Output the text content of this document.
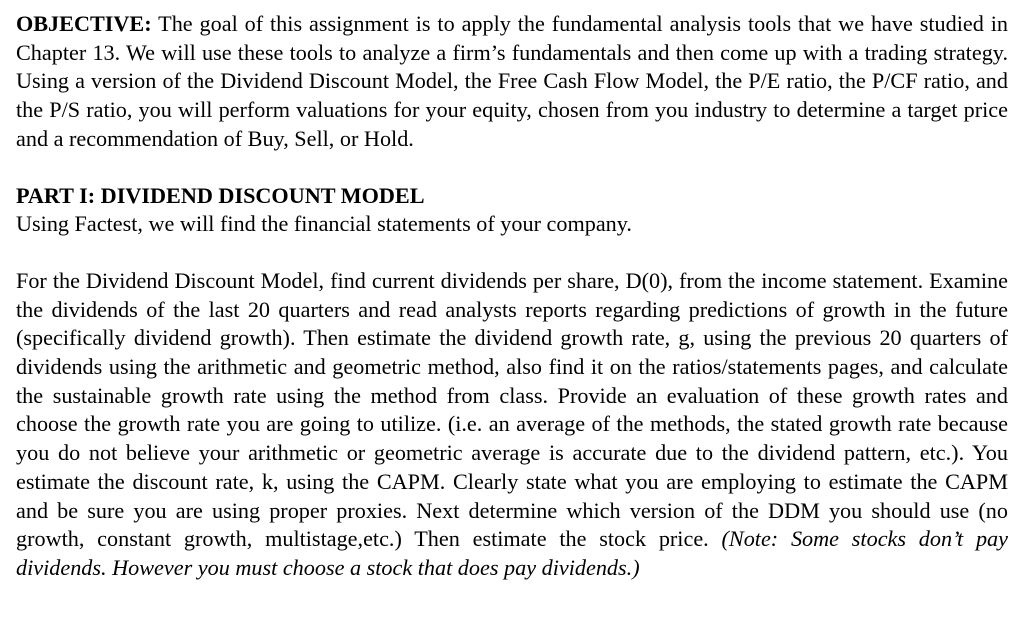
OBJECTIVE: The goal of this assignment is to apply the fundamental analysis tools that we have studied in Chapter 13. We will use these tools to analyze a firm’s fundamentals and then come up with a trading strategy. Using a version of the Dividend Discount Model, the Free Cash Flow Model, the P/E ratio, the P/CF ratio, and the P/S ratio, you will perform valuations for your equity, chosen from you industry to determine a target price and a recommendation of Buy, Sell, or Hold.

PART I: DIVIDEND DISCOUNT MODEL

Using Factest, we will find the financial statements of your company.

For the Dividend Discount Model, find current dividends per share, D(0), from the income statement. Examine the dividends of the last 20 quarters and read analysts reports regarding predictions of growth in the future (specifically dividend growth). Then estimate the dividend growth rate, g, using the previous 20 quarters of dividends using the arithmetic and geometric method, also find it on the ratios/statements pages, and calculate the sustainable growth rate using the method from class. Provide an evaluation of these growth rates and choose the growth rate you are going to utilize. (i.e. an average of the methods, the stated growth rate because you do not believe your arithmetic or geometric average is accurate due to the dividend pattern, etc.). You estimate the discount rate, k, using the CAPM. Clearly state what you are employing to estimate the CAPM and be sure you are using proper proxies. Next determine which version of the DDM you should use (no growth, constant growth, multistage,etc.) Then estimate the stock price. (Note: Some stocks don’t pay dividends. However you must choose a stock that does pay dividends.)
